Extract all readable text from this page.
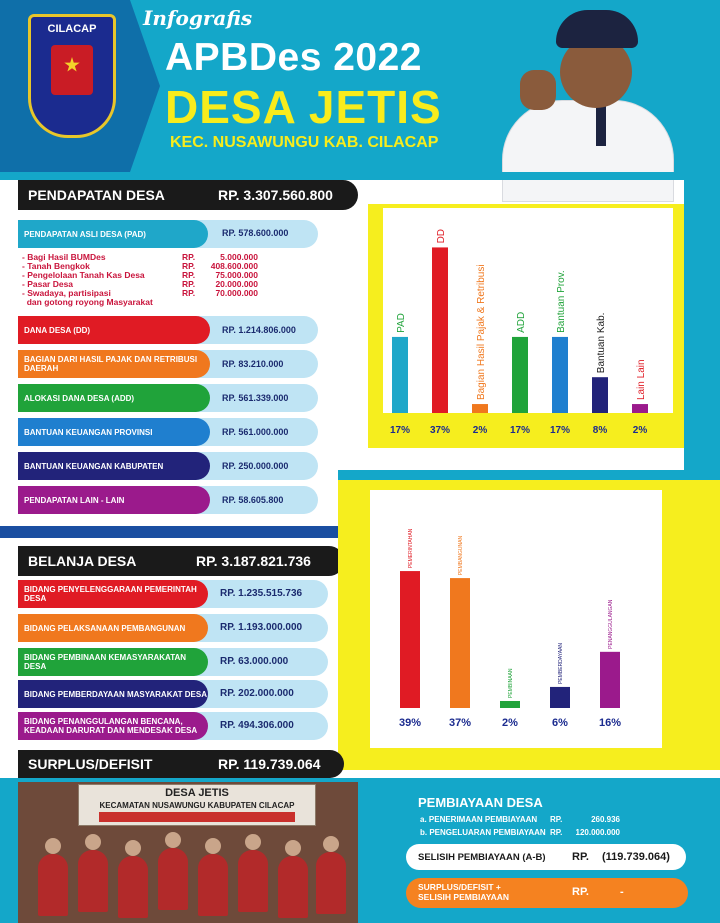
CILACAP	Infografis
APBDes 2022
DESA JETIS
KEC. NUSAWUNGU KAB. CILACAP
PENDAPATAN DESA	RP. 3.307.560.800
PENDAPATAN ASLI DESA (PAD)	RP. 578.600.000
- Bagi Hasil BUMDes	RP.	5.000.000
- Tanah Bengkok	RP.	408.600.000
- Pengelolaan Tanah Kas Desa	RP.	75.000.000
- Pasar Desa	RP.	20.000.000
- Swadaya, partisipasi	RP.	70.000.000
dan gotong royong Masyarakat
DANA DESA (DD)	RP. 1.214.806.000
BAGIAN DARI HASIL PAJAK DAN RETRIBUSI DAERAH	RP. 83.210.000
ALOKASI DANA DESA (ADD)	RP. 561.339.000
BANTUAN KEUANGAN PROVINSI	RP. 561.000.000
BANTUAN KEUANGAN KABUPATEN	RP. 250.000.000
PENDAPATAN LAIN - LAIN	RP. 58.605.800
PAD
17%
DD
37%
Bagian Hasil Pajak & Retribusi
2%
ADD
17%
Bantuan Prov.
17%
Bantuan Kab.
8%
Lain Lain
2%
BELANJA DESA	RP. 3.187.821.736
BIDANG PENYELENGGARAAN PEMERINTAH DESA	RP. 1.235.515.736
BIDANG PELAKSANAAN PEMBANGUNAN	RP. 1.193.000.000
BIDANG PEMBINAAN KEMASYARAKATAN DESA	RP. 63.000.000
BIDANG PEMBERDAYAAN MASYARAKAT DESA RP. 202.000.000
BIDANG PENANGGULANGAN BENCANA, KEADAAN DARURAT DAN MENDESAK DESA	RP. 494.306.000
PEMERINTAHAN
39%
PEMBANGUNAN
37%
PEMBINAAN
2%
PEMBERDAYAAN
6%
PENANGGULANGAN
16%
SURPLUS/DEFISIT	RP. 119.739.064
DESA JETIS
KECAMATAN NUSAWUNGU KABUPATEN CILACAP	PEMBIAYAAN DESA
a. PENERIMAAN PEMBIAYAAN RP.	260.936
b. PENGELUARAN PEMBIAYAAN RP.	120.000.000
SELISIH PEMBIAYAAN (A-B) RP. (119.739.064)
SURPLUS/DEFISIT + SELISIH PEMBIAYAAN	RP.	-
